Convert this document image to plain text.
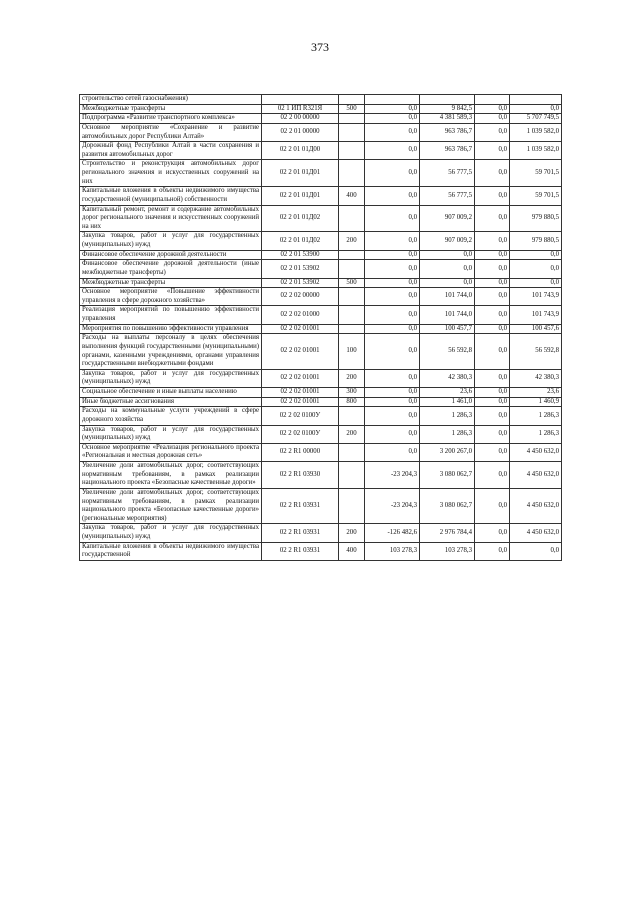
373
строительство сетей газоснабжения)						
Межбюджетные трансферты	02 1 ИП R321Я	500	0,0	9 842,5	0,0	0,0
Подпрограмма «Развитие транспортного комплекса»	02 2 00 00000		0,0	4 381 589,3	0,0	5 707 749,5
Основное мероприятие «Сохранение и развитие автомобильных дорог Республики Алтай»	02 2 01 00000		0,0	963 786,7	0,0	1 039 582,0
Дорожный фонд Республики Алтай в части сохранения и развития автомобильных дорог	02 2 01 01Д00		0,0	963 786,7	0,0	1 039 582,0
Строительство и реконструкция автомобильных дорог регионального значения и искусственных сооружений на них	02 2 01 01Д01		0,0	56 777,5	0,0	59 701,5
Капитальные вложения в объекты недвижимого имущества государственной (муниципальной) собственности	02 2 01 01Д01	400	0,0	56 777,5	0,0	59 701,5
Капитальный ремонт, ремонт и содержание автомобильных дорог регионального значения и искусственных сооружений на них	02 2 01 01Д02		0,0	907 009,2	0,0	979 880,5
Закупка товаров, работ и услуг для государственных (муниципальных) нужд	02 2 01 01Д02	200	0,0	907 009,2	0,0	979 880,5
Финансовое обеспечение дорожной деятельности	02 2 01 53900		0,0	0,0	0,0	0,0
Финансовое обеспечение дорожной деятельности (иные межбюджетные трансферты)	02 2 01 53902		0,0	0,0	0,0	0,0
Межбюджетные трансферты	02 2 01 53902	500	0,0	0,0	0,0	0,0
Основное мероприятие «Повышение эффективности управления в сфере дорожного хозяйства»	02 2 02 00000		0,0	101 744,0	0,0	101 743,9
Реализация мероприятий по повышению эффективности управления	02 2 02 01000		0,0	101 744,0	0,0	101 743,9
Мероприятия по повышению эффективности управления	02 2 02 01001		0,0	100 457,7	0,0	100 457,6
Расходы на выплаты персоналу в целях обеспечения выполнения функций государственными (муниципальными) органами, казенными учреждениями, органами управления государственными внебюджетными фондами	02 2 02 01001	100	0,0	56 592,8	0,0	56 592,8
Закупка товаров, работ и услуг для государственных (муниципальных) нужд	02 2 02 01001	200	0,0	42 380,3	0,0	42 380,3
Социальное обеспечение и иные выплаты населению	02 2 02 01001	300	0,0	23,6	0,0	23,6
Иные бюджетные ассигнования	02 2 02 01001	800	0,0	1 461,0	0,0	1 460,9
Расходы на коммунальные услуги учреждений в сфере дорожного хозяйства	02 2 02 0100У		0,0	1 286,3	0,0	1 286,3
Закупка товаров, работ и услуг для государственных (муниципальных) нужд	02 2 02 0100У	200	0,0	1 286,3	0,0	1 286,3
Основное мероприятие «Реализация регионального проекта «Региональная и местная дорожная сеть»	02 2 R1 00000		0,0	3 200 267,0	0,0	4 450 632,0
Увеличение доли автомобильных дорог, соответствующих нормативным требованиям, в рамках реализации национального проекта «Безопасные качественные дороги»	02 2 R1 03930		-23 204,3	3 080 062,7	0,0	4 450 632,0
Увеличение доли автомобильных дорог, соответствующих нормативным требованиям, в рамках реализации национального проекта «Безопасные качественные дороги» (региональные мероприятия)	02 2 R1 03931		-23 204,3	3 080 062,7	0,0	4 450 632,0
Закупка товаров, работ и услуг для государственных (муниципальных) нужд	02 2 R1 03931	200	-126 482,6	2 976 784,4	0,0	4 450 632,0
Капитальные вложения в объекты недвижимого имущества государственной	02 2 R1 03931	400	103 278,3	103 278,3	0,0	0,0
